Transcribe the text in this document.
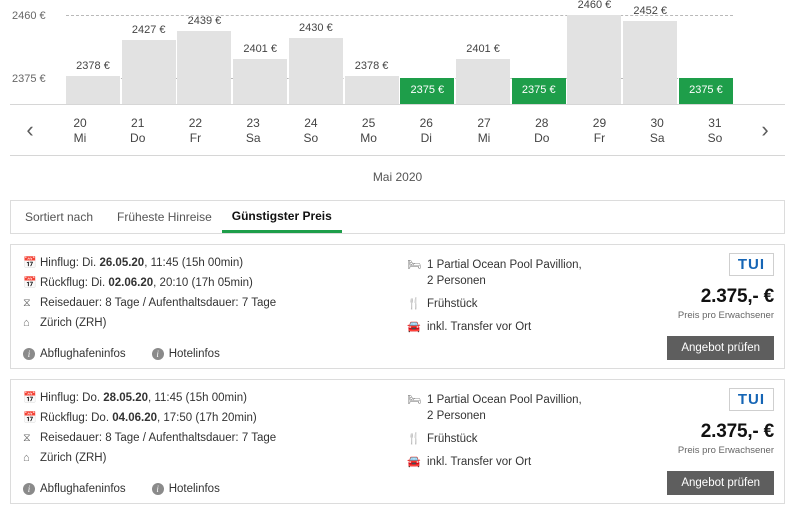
2460 €
2375 €
2378 €
2427 €
2439 €
2401 €
2430 €
2378 €
2375 €
2401 €
2375 €
2460 €	2452 €
2375 €
‹	20
Mi
21
Do
22
Fr
23
Sa
24
So
25
Mo
26
Di
27
Mi
28
Do
29
Fr
30
Sa
31
So	›
Mai 2020
Sortiert nach	Früheste Hinreise	Günstigster Preis
📅 Hinflug: Di. 26.05.20, 11:45 (15h 00min)
📅 Rückflug: Di. 02.06.20, 20:10 (17h 05min)
⧖ Reisedauer: 8 Tage / Aufenthaltsdauer: 7 Tage
⌂ Zürich (ZRH)
i Abflughafeninfos	i Hotelinfos
🛏 1 Partial Ocean Pool Pavillion,
2 Personen
🍴 Frühstück
🚘 inkl. Transfer vor Ort
TUI
2.375,- €
Preis pro Erwachsener
Angebot prüfen
📅 Hinflug: Do. 28.05.20, 11:45 (15h 00min)
📅 Rückflug: Do. 04.06.20, 17:50 (17h 20min)
⧖ Reisedauer: 8 Tage / Aufenthaltsdauer: 7 Tage
⌂ Zürich (ZRH)
i Abflughafeninfos	i Hotelinfos
🛏 1 Partial Ocean Pool Pavillion,
2 Personen
🍴 Frühstück
🚘 inkl. Transfer vor Ort
TUI
2.375,- €
Preis pro Erwachsener
Angebot prüfen
